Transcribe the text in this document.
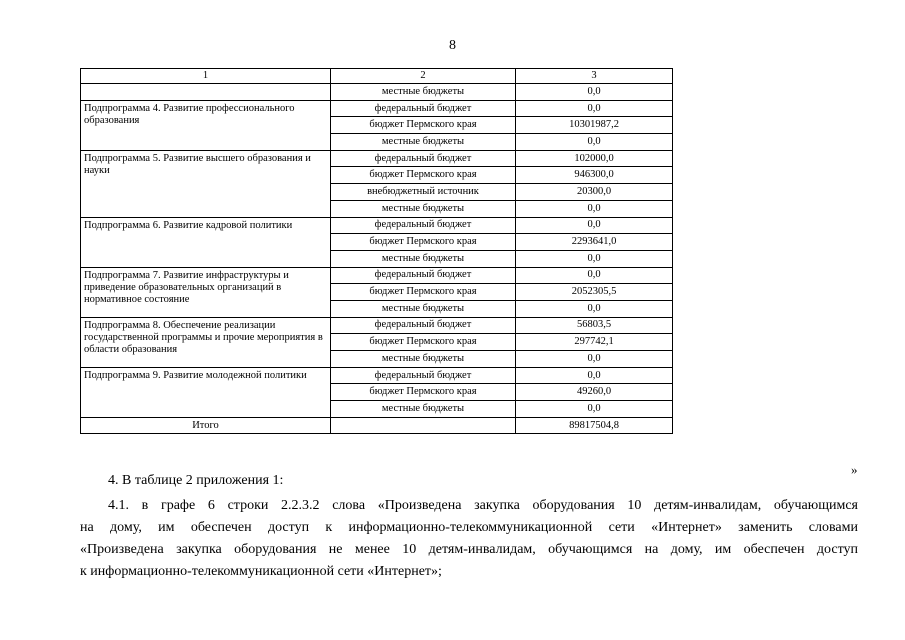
8
1	2	3
	местные бюджеты	0,0
Подпрограмма 4. Развитие профессионального образования	федеральный бюджет	0,0
	бюджет Пермского края	10301987,2
	местные бюджеты	0,0
Подпрограмма 5. Развитие высшего образования и науки	федеральный бюджет	102000,0
	бюджет Пермского края	946300,0
	внебюджетный источник	20300,0
	местные бюджеты	0,0
Подпрограмма 6. Развитие кадровой политики	федеральный бюджет	0,0
	бюджет Пермского края	2293641,0
	местные бюджеты	0,0
Подпрограмма 7. Развитие инфраструктуры и приведение образовательных организаций в нормативное состояние	федеральный бюджет	0,0
	бюджет Пермского края	2052305,5
	местные бюджеты	0,0
Подпрограмма 8. Обеспечение реализации государственной программы и прочие мероприятия в области образования	федеральный бюджет	56803,5
	бюджет Пермского края	297742,1
	местные бюджеты	0,0
Подпрограмма 9. Развитие молодежной политики	федеральный бюджет	0,0
	бюджет Пермского края	49260,0
	местные бюджеты	0,0
Итого		89817504,8
»
4. В таблице 2 приложения 1:
4.1. в графе 6 строки 2.2.3.2 слова «Произведена закупка оборудования 10 детям-инвалидам, обучающимся
на дому, им обеспечен доступ к информационно-телекоммуникационной сети «Интернет» заменить словами
«Произведена закупка оборудования не менее 10 детям-инвалидам, обучающимся на дому, им обеспечен доступ
к информационно-телекоммуникационной сети «Интернет»;
